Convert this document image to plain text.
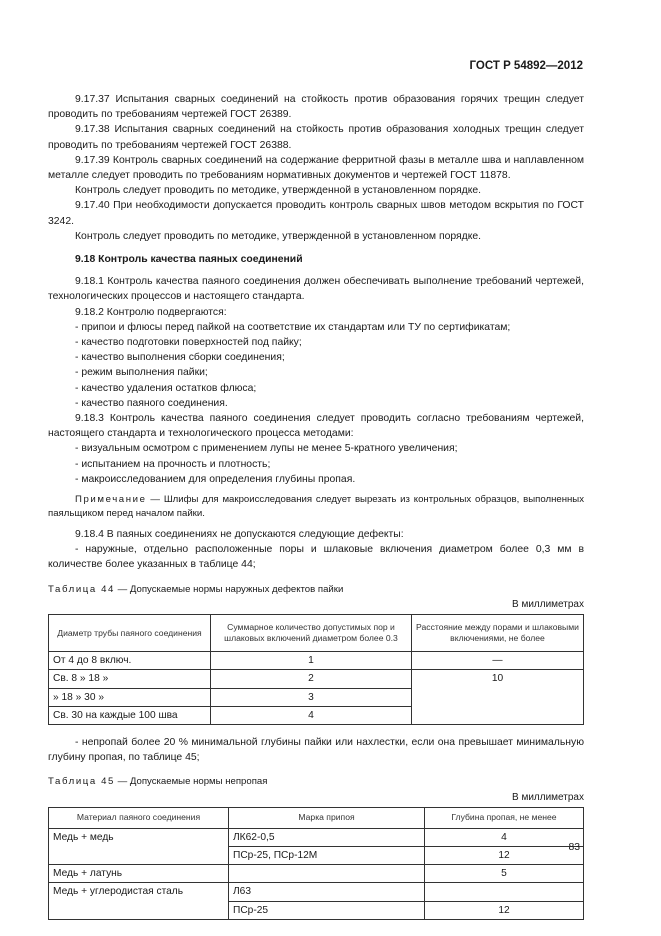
ГОСТ Р 54892—2012

9.17.37 Испытания сварных соединений на стойкость против образования горячих трещин следует проводить по требованиям чертежей ГОСТ 26389.

9.17.38 Испытания сварных соединений на стойкость против образования холодных трещин следует проводить по требованиям чертежей ГОСТ 26388.

9.17.39 Контроль сварных соединений на содержание ферритной фазы в металле шва и наплавленном металле следует проводить по требованиям нормативных документов и чертежей ГОСТ 11878.

Контроль следует проводить по методике, утвержденной в установленном порядке.

9.17.40 При необходимости допускается проводить контроль сварных швов методом вскрытия по ГОСТ 3242.

Контроль следует проводить по методике, утвержденной в установленном порядке.

9.18 Контроль качества паяных соединений

9.18.1 Контроль качества паяного соединения должен обеспечивать выполнение требований чертежей, технологических процессов и настоящего стандарта.

9.18.2 Контролю подвергаются:

- припои и флюсы перед пайкой на соответствие их стандартам или ТУ по сертификатам;

- качество подготовки поверхностей под пайку;

- качество выполнения сборки соединения;

- режим выполнения пайки;

- качество удаления остатков флюса;

- качество паяного соединения.

9.18.3 Контроль качества паяного соединения следует проводить согласно требованиям чертежей, настоящего стандарта и технологического процесса методами:

- визуальным осмотром с применением лупы не менее 5-кратного увеличения;

- испытанием на прочность и плотность;

- макроисследованием для определения глубины пропая.

Примечание — Шлифы для макроисследования следует вырезать из контрольных образцов, выполненных паяльщиком перед началом пайки.

9.18.4 В паяных соединениях не допускаются следующие дефекты:

- наружные, отдельно расположенные поры и шлаковые включения диаметром более 0,3 мм в количестве более указанных в таблице 44;

Таблица 44 — Допускаемые нормы наружных дефектов пайки

В миллиметрах

Диаметр трубы паяного соединения	Суммарное количество допустимых пор и шлаковых включений диаметром более 0.3	Расстояние между порами и шлаковыми включениями, не более
От 4 до 8 включ.	1	—
Св. 8 » 18 »	2	10
» 18 » 30 »	3	
Св. 30 на каждые 100 шва	4	

- непропай более 20 % минимальной глубины пайки или нахлестки, если она превышает минимальную глубину пропая, по таблице 45;

Таблица 45 — Допускаемые нормы непропая

В миллиметрах

Материал паяного соединения	Марка припоя	Глубина пропая, не менее
Медь + медь	ЛК62-0,5	4
	ПСр-25, ПСр-12М	12
Медь + латунь		5
Медь + углеродистая сталь	Л63	
	ПСр-25	12
83
